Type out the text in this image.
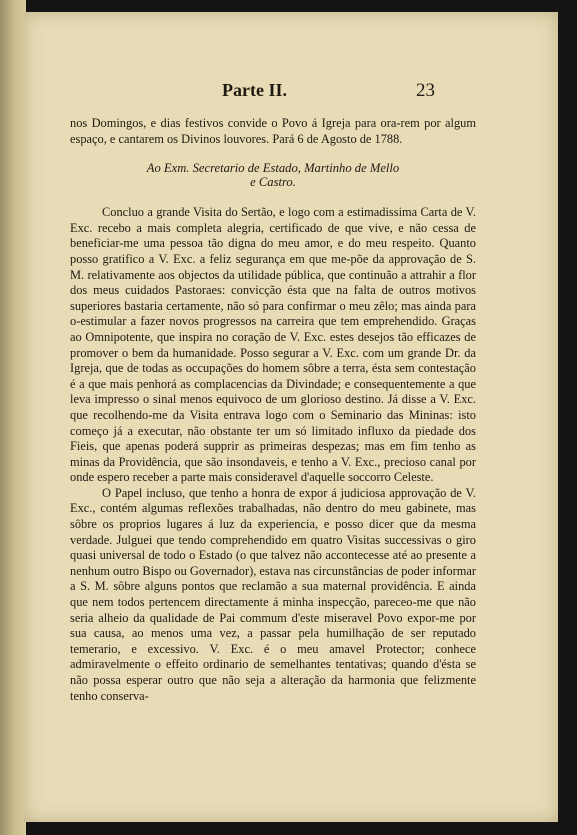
Parte II.	23

nos Domingos, e dias festivos convide o Povo á Igreja para ora-rem por algum espaço, e cantarem os Divinos louvores. Pará 6 de Agosto de 1788.

Ao Exm. Secretario de Estado, Martinho de Mello
e Castro.

Concluo a grande Visita do Sertão, e logo com a estimadissima Carta de V. Exc. recebo a mais completa alegria, certificado de que vive, e não cessa de beneficiar-me uma pessoa tão digna do meu amor, e do meu respeito. Quanto posso gratifico a V. Exc. a feliz segurança em que me-põe da approvação de S. M. relativamente aos objectos da utilidade pública, que continuão a attrahir a flor dos meus cuidados Pastoraes: convicção ésta que na falta de outros motivos superiores bastaria certamente, não só para confirmar o meu zêlo; mas ainda para o-estimular a fazer novos progressos na carreira que tem emprehendido. Graças ao Omnipotente, que inspira no coração de V. Exc. estes desejos tão efficazes de promover o bem da humanidade. Posso segurar a V. Exc. com um grande Dr. da Igreja, que de todas as occupações do homem sôbre a terra, ésta sem contestação é a que mais penhorá as complacencias da Divindade; e consequentemente a que leva impresso o sinal menos equivoco de um glorioso destino. Já disse a V. Exc. que recolhendo-me da Visita entrava logo com o Seminario das Mininas: isto começo já a executar, não obstante ter um só limitado influxo da piedade dos Fieis, que apenas poderá supprir as primeiras despezas; mas em fim tenho as minas da Providência, que são insondaveis, e tenho a V. Exc., precioso canal por onde espero receber a parte mais consideravel d'aquelle soccorro Celeste.

O Papel incluso, que tenho a honra de expor á judiciosa approvação de V. Exc., contém algumas reflexões trabalhadas, não dentro do meu gabinete, mas sôbre os proprios lugares á luz da experiencia, e posso dicer que da mesma verdade. Julguei que tendo comprehendido em quatro Visitas successivas o giro quasi universal de todo o Estado (o que talvez não accontecesse até ao presente a nenhum outro Bispo ou Governador), estava nas circunstâncias de poder informar a S. M. sôbre alguns pontos que reclamão a sua maternal providência. E ainda que nem todos pertencem directamente á minha inspecção, pareceo-me que não seria alheio da qualidade de Pai commum d'este miseravel Povo expor-me por sua causa, ao menos uma vez, a passar pela humilhação de ser reputado temerario, e excessivo. V. Exc. é o meu amavel Protector; conhece admiravelmente o effeito ordinario de semelhantes tentativas; quando d'ésta se não possa esperar outro que não seja a alteração da harmonia que felizmente tenho conserva-
